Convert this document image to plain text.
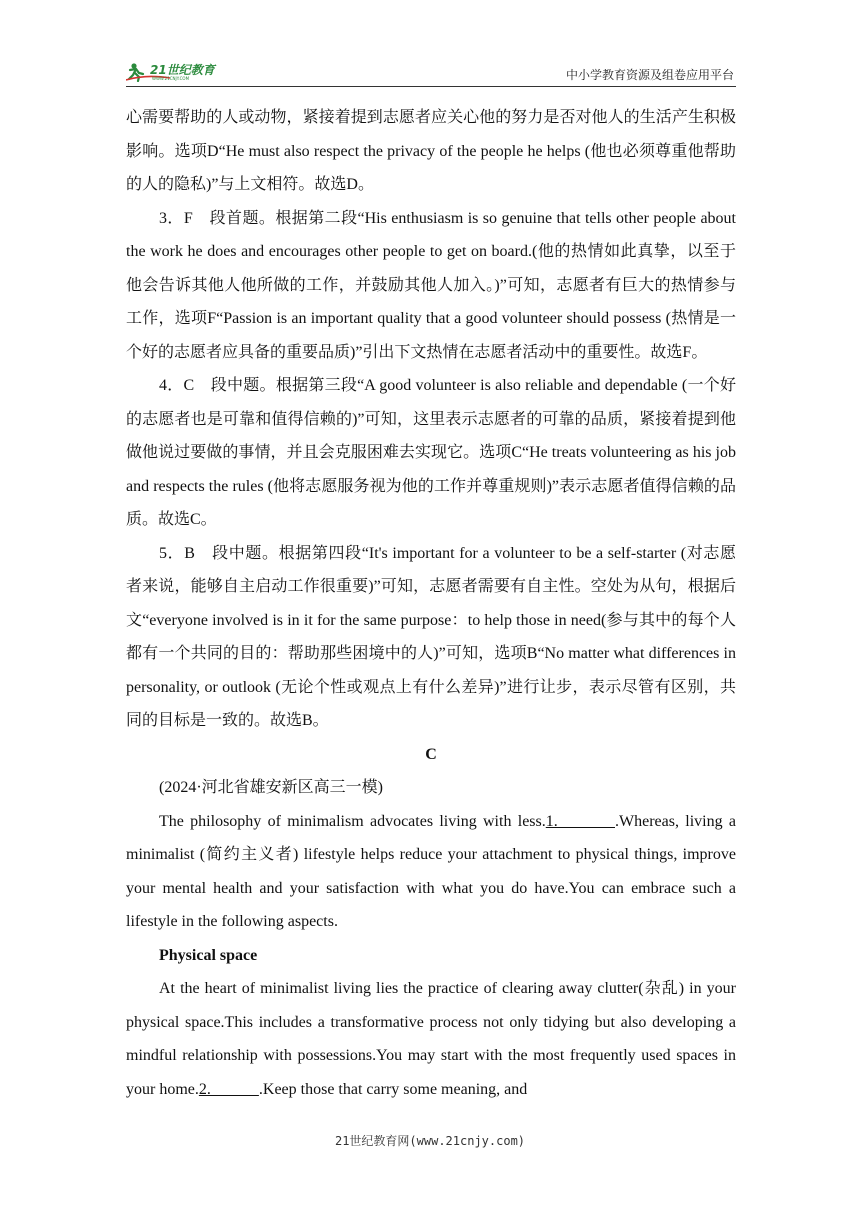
21世纪教育
WWW.21CNJY.COM	中小学教育资源及组卷应用平台

心需要帮助的人或动物，紧接着提到志愿者应关心他的努力是否对他人的生活产生积极影响。选项D“He must also respect the privacy of the people he helps (他也必须尊重他帮助的人的隐私)”与上文相符。故选D。

3．F　段首题。根据第二段“His enthusiasm is so genuine that tells other people about the work he does and encourages other people to get on board.(他的热情如此真挚，以至于他会告诉其他人他所做的工作，并鼓励其他人加入。)”可知，志愿者有巨大的热情参与工作，选项F“Passion is an important quality that a good volunteer should possess (热情是一个好的志愿者应具备的重要品质)”引出下文热情在志愿者活动中的重要性。故选F。

4．C　段中题。根据第三段“A good volunteer is also reliable and dependable (一个好的志愿者也是可靠和值得信赖的)”可知，这里表示志愿者的可靠的品质，紧接着提到他做他说过要做的事情，并且会克服困难去实现它。选项C“He treats volunteering as his job and respects the rules (他将志愿服务视为他的工作并尊重规则)”表示志愿者值得信赖的品质。故选C。

5．B　段中题。根据第四段“It's important for a volunteer to be a self-starter (对志愿者来说，能够自主启动工作很重要)”可知，志愿者需要有自主性。空处为从句，根据后文“everyone involved is in it for the same purpose：to help those in need(参与其中的每个人都有一个共同的目的：帮助那些困境中的人)”可知，选项B“No matter what differences in personality, or outlook (无论个性或观点上有什么差异)”进行让步，表示尽管有区别，共同的目标是一致的。故选B。

C

(2024·河北省雄安新区高三一模)

The philosophy of minimalism advocates living with less.1.　　　.Whereas, living a minimalist (简约主义者) lifestyle helps reduce your attachment to physical things, improve your mental health and your satisfaction with what you do have.You can embrace such a lifestyle in the following aspects.

Physical space

At the heart of minimalist living lies the practice of clearing away clutter(杂乱) in your physical space.This includes a transformative process not only tidying but also developing a mindful relationship with possessions.You may start with the most frequently used spaces in your home.2.　　　.Keep those that carry some meaning, and

21世纪教育网(www.21cnjy.com)
